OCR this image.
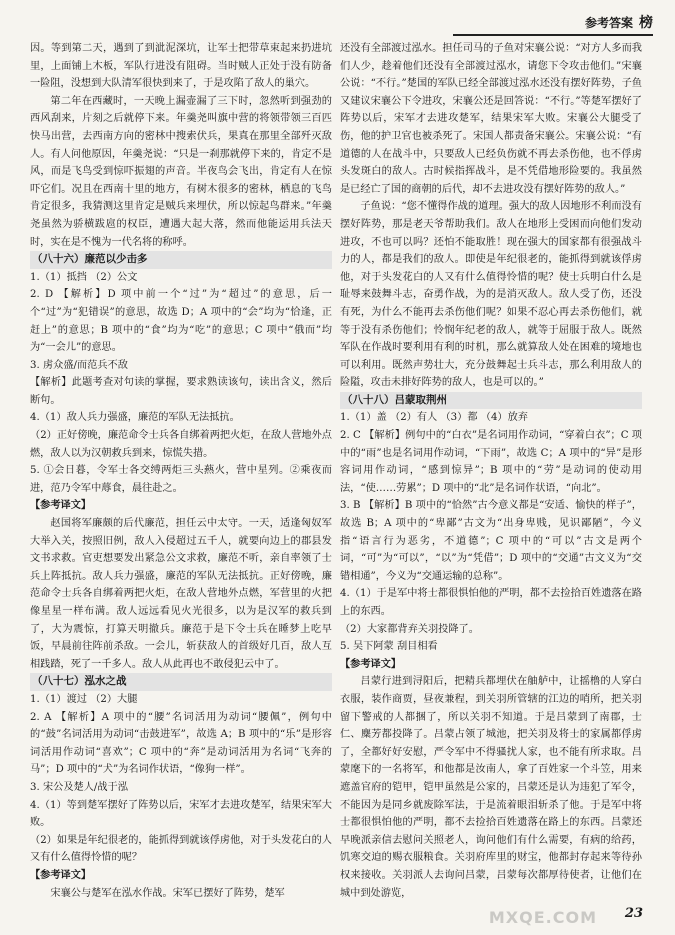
参考答案 榜

因。等到第二天，遇到了到泚泥深坑，让军士把带草束起来扔进坑里，上面铺上木板，军队行进没有阻碍。当时贼人正处于没有防备一险阻，没想到大队清军很快到来了，于是攻陷了敌人的巢穴。

第二年在西藏时，一天晚上漏壶漏了三下时，忽然听到强劲的西风刮来，片刻之后就停下来。年羹尧叫旗中营的将领带领三百匹快马出营，去西南方向的密林中搜索伏兵，果真在那里全部歼灭敌人。有人问他原因，年羹尧说：“只是一刹那就停下来的，肯定不是风，而是飞鸟受到惊吓振翅的声音。半夜鸟会飞出，肯定有人在惊吓它们。况且在西南十里的地方，有树木很多的密林，栖息的飞鸟肯定很多，我猜测这里肯定是贼兵来埋伏，所以惊起鸟群来。”年羹尧虽然为骄横跋扈的权臣，遭遇大起大落，然而他能运用兵法天时，实在是不愧为一代名将的称呼。

（八十六）廉范以少击多

1.（1）抵挡 （2）公文

2. D 【解析】D 项中前一个“过”为“超过”的意思，后一个“过”为“犯错误”的意思，故选 D；A 项中的“会”均为“恰逢，正赶上”的意思；B 项中的“食”均为“吃”的意思；C 项中“俄而”均为“一会儿”的意思。

3. 虏众盛/而范兵不敌

【解析】此题考查对句读的掌握，要求熟读该句，读出含义，然后断句。

4.（1）敌人兵力强盛，廉范的军队无法抵抗。

（2）正好傍晚，廉范命令士兵各自绑着两把火炬，在敌人营地外点燃，敌人以为汉朝救兵到来，惊慌失措。

5. ①会日暮，令军士各交缚两炬三头爇火，营中星列。②乘夜而进，范乃令军中蓐食，晨往赴之。

【参考译文】

赵国将军廉颇的后代廉范，担任云中太守。一天，适逢匈奴军大举入关，按照旧例，敌人入侵超过五千人，就要向边上的郡县发文书求救。官吏想要发出紧急公文求救，廉范不听，亲自率领了士兵上阵抵抗。敌人兵力强盛，廉范的军队无法抵抗。正好傍晚，廉范命令士兵各自绑着两把火炬，在敌人营地外点燃，军营里的火把像星星一样布满。敌人远远看见火光很多，以为是汉军的救兵到了，大为震惊，打算天明撤兵。廉范于是下令士兵在睡梦上吃早饭，早晨前往阵前杀敌。一会儿，斩获敌人的首级好几百，敌人互相践踏，死了一千多人。敌人从此再也不敢侵犯云中了。

（八十七）泓水之战

1.（1）渡过 （2）大腿

2. A 【解析】A 项中的“腰”名词活用为动词“腰佩”，例句中的“鼓”名词活用为动词“击鼓进军”，故选 A；B 项中的“乐”是形容词活用作动词“喜欢”；C 项中的“奔”是动词活用为名词“飞奔的马”；D 项中的“犬”为名词作状语，“像狗一样”。

3. 宋公及楚人/战于泓

4.（1）等到楚军摆好了阵势以后，宋军才去进攻楚军，结果宋军大败。

（2）如果是年纪很老的，能抓得到就该俘虏他，对于头发花白的人又有什么值得怜惜的呢？

【参考译文】

宋襄公与楚军在泓水作战。宋军已摆好了阵势，楚军

还没有全部渡过泓水。担任司马的子鱼对宋襄公说：“对方人多而我们人少，趁着他们还没有全部渡过泓水，请您下令攻击他们。”宋襄公说：“不行。”楚国的军队已经全部渡过泓水还没有摆好阵势，子鱼又建议宋襄公下令进攻，宋襄公还是回答说：“不行。”等楚军摆好了阵势以后，宋军才去进攻楚军，结果宋军大败。宋襄公大腿受了伤，他的护卫官也被杀死了。宋国人都责备宋襄公。宋襄公说：“有道德的人在战斗中，只要敌人已经负伤就不再去杀伤他，也不俘虏头发斑白的敌人。古时候指挥战斗，是不凭借地形险要的。我虽然是已经亡了国的商朝的后代，却不去进攻没有摆好阵势的敌人。”

子鱼说：“您不懂得作战的道理。强大的敌人因地形不利而没有摆好阵势，那是老天爷帮助我们。敌人在地形上受困而向他们发动进攻，不也可以吗？还怕不能取胜！现在强大的国家都有很强战斗力的人，都是我们的敌人。即使是年纪很老的，能抓得到就该俘虏他，对于头发花白的人又有什么值得怜惜的呢？使士兵明白什么是耻辱来鼓舞斗志，奋勇作战，为的是消灭敌人。敌人受了伤，还没有死，为什么不能再去杀伤他们呢？如果不忍心再去杀伤他们，就等于没有杀伤他们；怜悯年纪老的敌人，就等于屈服于敌人。既然军队在作战时要利用有利的时机，那么就算敌人处在困难的境地也可以利用。既然声势壮大，充分鼓舞起士兵斗志，那么利用敌人的险隘，攻击未排好阵势的敌人，也是可以的。”

（八十八）吕蒙取荆州

1.（1）盖 （2）有人 （3）都 （4）放弃

2. C 【解析】例句中的“白衣”是名词用作动词，“穿着白衣”；C 项中的“雨”也是名词用作动词，“下雨”，故选 C；A 项中的“异”是形容词用作动词，“感到惊异”；B 项中的“劳”是动词的使动用法，“使……劳累”；D 项中的“北”是名词作状语，“向北”。

3. B 【解析】B 项中的“恰然”古今意义都是“安适、愉快的样子”，故选 B；A 项中的“卑鄙”古文为“出身卑贱，见识鄙陋”，今义指“语言行为恶劣，不道德”；C 项中的“可以”古文是两个词，“可”为“可以”，“以”为“凭借”；D 项中的“交通”古文义为“交错相通”，今义为“交通运输的总称”。

4.（1）于是军中将士都很惧怕他的严明，都不去捡拾百姓遗落在路上的东西。

（2）大家都背弃关羽投降了。

5. 吴下阿蒙 刮目相看

【参考译文】

吕蒙行进到浔阳后，把精兵都埋伏在舳舻中，让摇橹的人穿白衣服，装作商贾，昼夜兼程，到关羽所管辖的江边的哨所，把关羽留下警戒的人都捆了，所以关羽不知道。于是吕蒙到了南郡，士仁、麋芳都投降了。吕蒙占领了城池，把关羽及将士的家属都俘虏了，全都好好安慰，严令军中不得骚扰人家，也不能有所求取。吕蒙麾下的一名将军，和他都是汝南人，拿了百姓家一个斗笠，用来遮盖官府的铠甲，铠甲虽然是公家的，吕蒙还是认为违犯了军令，不能因为是同乡就废除军法，于是流着眼泪斩杀了他。于是军中将士都很惧怕他的严明，都不去捡拾百姓遗落在路上的东西。吕蒙还早晚派亲信去慰问关照老人，询问他们有什么需要，有病的给药，饥寒交迫的赐衣服粮食。关羽府库里的财宝，他都封存起来等待孙权来接收。关羽派人去询问吕蒙，吕蒙每次都厚待使者，让他们在城中到处游览，

MXQE.COM 23
